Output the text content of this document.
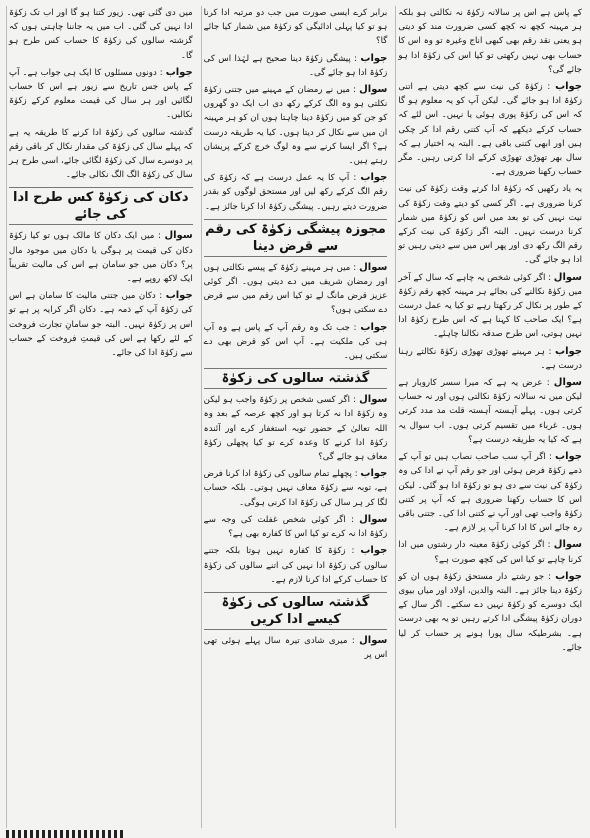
کے پاس ہے اس پر سالانہ زکوٰۃ نہ نکالتی ہو بلکہ ہر مہینہ کچھ نہ کچھ کسی ضرورت مند کو دیتی ہو یعنی نقد رقم بھی کبھی اناج وغیرہ تو وہ اس کا حساب بھی نہیں رکھتی تو کیا اس کی زکوٰۃ ادا ہو جائے گی؟

جواب : زکوٰۃ کی نیت سے کچھ دیتی ہے اتنی زکوٰۃ ادا ہو جائے گی۔ لیکن آپ کو یہ معلوم ہو گا کہ اس کی زکوٰۃ پوری ہوئی یا نہیں۔ اس لئے کہ حساب کرکے دیکھے کہ آپ کتنی رقم ادا کر چکی ہیں اور ابھی کتنی باقی ہے۔ البتہ یہ اختیار ہے کہ سال بھر تھوڑی تھوڑی کرکے ادا کرتی رہیں۔ مگر حساب رکھنا ضروری ہے۔

یہ یاد رکھیں کہ زکوٰۃ ادا کرتے وقت زکوٰۃ کی نیت کرنا ضروری ہے۔ اگر کسی کو دیتے وقت زکوٰۃ کی نیت نہیں کی تو بعد میں اس کو زکوٰۃ میں شمار کرنا درست نہیں۔ البتہ اگر زکوٰۃ کی نیت کرکے رقم الگ رکھ دی اور پھر اس میں سے دیتی رہیں تو ادا ہو جائے گی۔

سوال : اگر کوئی شخص یہ چاہے کہ سال کے آخر میں زکوٰۃ نکالنے کی بجائے ہر مہینہ کچھ رقم زکوٰۃ کے طور پر نکال کر رکھتا رہے تو کیا یہ عمل درست ہے؟ ایک صاحب کا کہنا ہے کہ اس طرح زکوٰۃ ادا نہیں ہوتی، اس طرح صدقہ نکالنا چاہئے۔

جواب : ہر مہینے تھوڑی تھوڑی زکوٰۃ نکالتے رہنا درست ہے۔

سوال : عرض یہ ہے کہ میرا سسر کاروبار ہے لیکن میں نہ سالانہ زکوٰۃ نکالتی ہوں اور نہ حساب کرتی ہوں۔ پہلے آہستہ آہستہ قلت مد مدد کرتی ہوں۔ غرباء میں تقسیم کرتی ہوں۔ اب سوال یہ ہے کہ کیا یہ طریقہ درست ہے؟

جواب : اگر آپ سب صاحب نصاب ہیں تو آپ کے ذمے زکوٰۃ فرض ہوئی اور جو رقم آپ نے ادا کی وہ زکوٰۃ کی نیت سے دی ہو تو زکوٰۃ ادا ہو گئی۔ لیکن اس کا حساب رکھنا ضروری ہے کہ آپ پر کتنی زکوٰۃ واجب تھی اور آپ نے کتنی ادا کی۔ جتنی باقی رہ جائے اس کا ادا کرنا آپ پر لازم ہے۔

سوال : اگر کوئی زکوٰۃ معینہ دار رشتوں میں ادا کرنا چاہے تو کیا اس کی کچھ صورت ہے؟

جواب : جو رشتے دار مستحق زکوٰۃ ہوں ان کو زکوٰۃ دینا جائز ہے۔ البتہ والدین، اولاد اور میاں بیوی ایک دوسرے کو زکوٰۃ نہیں دے سکتے۔ اگر سال کے دوران زکوٰۃ پیشگی ادا کرتے رہیں تو یہ بھی درست ہے۔ بشرطیکہ سال پورا ہونے پر حساب کر لیا جائے۔

برابر کرے ایسی صورت میں جب دو مرتبہ ادا کرنا ہو تو کیا پہلی ادائیگی کو زکوٰۃ میں شمار کیا جائے گا؟

جواب : پیشگی زکوٰۃ دینا صحیح ہے لہٰذا اس کی زکوٰۃ ادا ہو جائے گی۔

سوال : میں نے رمضان کے مہینے میں جتنی زکوٰۃ نکلتی ہو وہ الگ کرکے رکھ دی اب ایک دو گھروں کو جن کو میں زکوٰۃ دینا چاہتا ہوں ان کو ہر مہینہ ان میں سے نکال کر دیتا ہوں۔ کیا یہ طریقہ درست ہے؟ اگر ایسا کرنے سے وہ لوگ خرچ کرکے پریشان رہتے ہیں۔

جواب : آپ کا یہ عمل درست ہے کہ زکوٰۃ کی رقم الگ کرکے رکھ لیں اور مستحق لوگوں کو بقدر ضرورت دیتے رہیں۔ پیشگی زکوٰۃ ادا کرنا جائز ہے۔

مجوزہ پیشگی زکوٰۃ کی رقم سے قرض دینا

سوال : میں ہر مہینے زکوٰۃ کے پیسے نکالتی ہوں اور رمضان شریف میں دے دیتی ہوں۔ اگر کوئی عزیز قرض مانگ لے تو کیا اس رقم میں سے قرض دے سکتی ہوں؟

جواب : جب تک وہ رقم آپ کے پاس ہے وہ آپ ہی کی ملکیت ہے۔ آپ اس کو قرض بھی دے سکتی ہیں۔

گذشتہ سالوں کی زکوٰۃ

سوال : اگر کسی شخص پر زکوٰۃ واجب ہو لیکن وہ زکوٰۃ ادا نہ کرتا ہو اور کچھ عرصہ کے بعد وہ اللہ تعالیٰ کے حضور توبہ استغفار کرے اور آئندہ زکوٰۃ ادا کرنے کا وعدہ کرے تو کیا پچھلی زکوٰۃ معاف ہو جائے گی؟

جواب : پچھلے تمام سالوں کی زکوٰۃ ادا کرنا فرض ہے، توبہ سے زکوٰۃ معاف نہیں ہوتی۔ بلکہ حساب لگا کر ہر سال کی زکوٰۃ ادا کرنی ہوگی۔

سوال : اگر کوئی شخص غفلت کی وجہ سے زکوٰۃ ادا نہ کرے تو کیا اس کا کفارہ بھی ہے؟

جواب : زکوٰۃ کا کفارہ نہیں ہوتا بلکہ جتنے سالوں کی زکوٰۃ ادا نہیں کی اتنے سالوں کی زکوٰۃ کا حساب کرکے ادا کرنا لازم ہے۔

گذشتہ سالوں کی زکوٰۃ کیسے ادا کریں

سوال : میری شادی تیرہ سال پہلے ہوئی تھی اس پر

میں دی گئی تھی۔ زیور کتنا ہو گا اور اب تک زکوٰۃ ادا نہیں کی گئی۔ اب میں یہ جاننا چاہتی ہوں کہ گزشتہ سالوں کی زکوٰۃ کا حساب کس طرح ہو گا۔

جواب : دونوں مسئلوں کا ایک ہی جواب ہے۔ آپ کے پاس جس تاریخ سے زیور ہے اس کا حساب لگائیں اور ہر سال کی قیمت معلوم کرکے زکوٰۃ نکالیں۔

گذشتہ سالوں کی زکوٰۃ ادا کرنے کا طریقہ یہ ہے کہ پہلے سال کی زکوٰۃ کی مقدار نکال کر باقی رقم پر دوسرے سال کی زکوٰۃ لگائی جائے، اسی طرح ہر سال کی زکوٰۃ الگ الگ نکالی جائے۔

دکان کی زکوٰۃ کس طرح ادا کی جائے

سوال : میں ایک دکان کا مالک ہوں تو کیا زکوٰۃ دکان کی قیمت پر ہوگی یا دکان میں موجود مال پر؟ دکان میں جو سامان ہے اس کی مالیت تقریباً ایک لاکھ روپے ہے۔

جواب : دکان میں جتنی مالیت کا سامان ہے اس کی زکوٰۃ آپ کے ذمہ ہے۔ دکان اگر کرایہ پر ہے تو اس پر زکوٰۃ نہیں۔ البتہ جو سامانِ تجارت فروخت کے لئے رکھا ہے اس کی قیمتِ فروخت کے حساب سے زکوٰۃ ادا کی جائے۔
